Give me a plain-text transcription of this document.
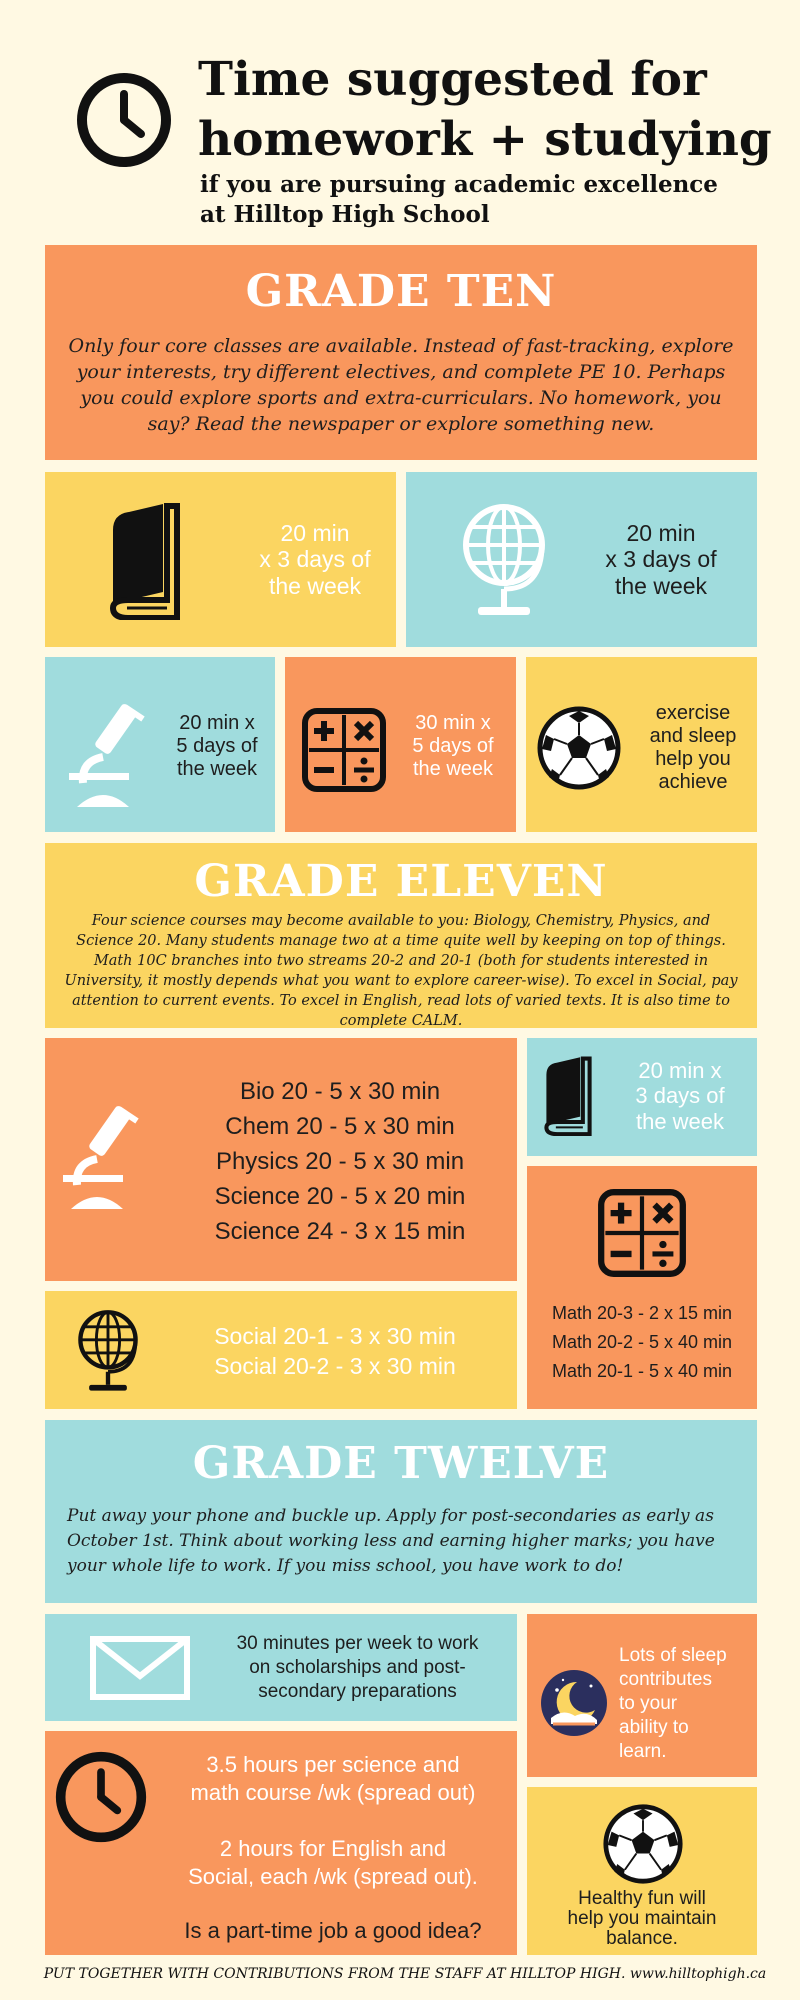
Time suggested for
homework + studying
if you are pursuing academic excellence
at Hilltop High School
GRADE TEN
Only four core classes are available. Instead of fast-tracking, explore your interests, try different electives, and complete PE 10. Perhaps you could explore sports and extra-curriculars. No homework, you say? Read the newspaper or explore something new.
20 min
x 3 days of
the week
20 min
x 3 days of
the week
20 min x
5 days of
the week
30 min x
5 days of
the week
exercise
and sleep
help you
achieve
GRADE ELEVEN
Four science courses may become available to you: Biology, Chemistry, Physics, and Science 20. Many students manage two at a time quite well by keeping on top of things. Math 10C branches into two streams 20-2 and 20-1 (both for students interested in University, it mostly depends what you want to explore career-wise). To excel in Social, pay attention to current events. To excel in English, read lots of varied texts. It is also time to complete CALM.
Bio 20 - 5 x 30 min
Chem 20 - 5 x 30 min
Physics 20 - 5 x 30 min
Science 20 - 5 x 20 min
Science 24 - 3 x 15 min
20 min x
3 days of
the week
Math 20-3 - 2 x 15 min
Math 20-2 - 5 x 40 min
Math 20-1 - 5 x 40 min
Social 20-1 - 3 x 30 min
Social 20-2 - 3 x 30 min
GRADE TWELVE
Put away your phone and buckle up. Apply for post-secondaries as early as October 1st. Think about working less and earning higher marks; you have your whole life to work. If you miss school, you have work to do!
30 minutes per week to work
on scholarships and post-
secondary preparations
Lots of sleep
contributes
to your
ability to
learn.
3.5 hours per science and
math course /wk (spread out)
2 hours for English and
Social, each /wk (spread out).
Is a part-time job a good idea?
Healthy fun will
help you maintain
balance.
PUT TOGETHER WITH CONTRIBUTIONS FROM THE STAFF AT HILLTOP HIGH. www.hilltophigh.ca
